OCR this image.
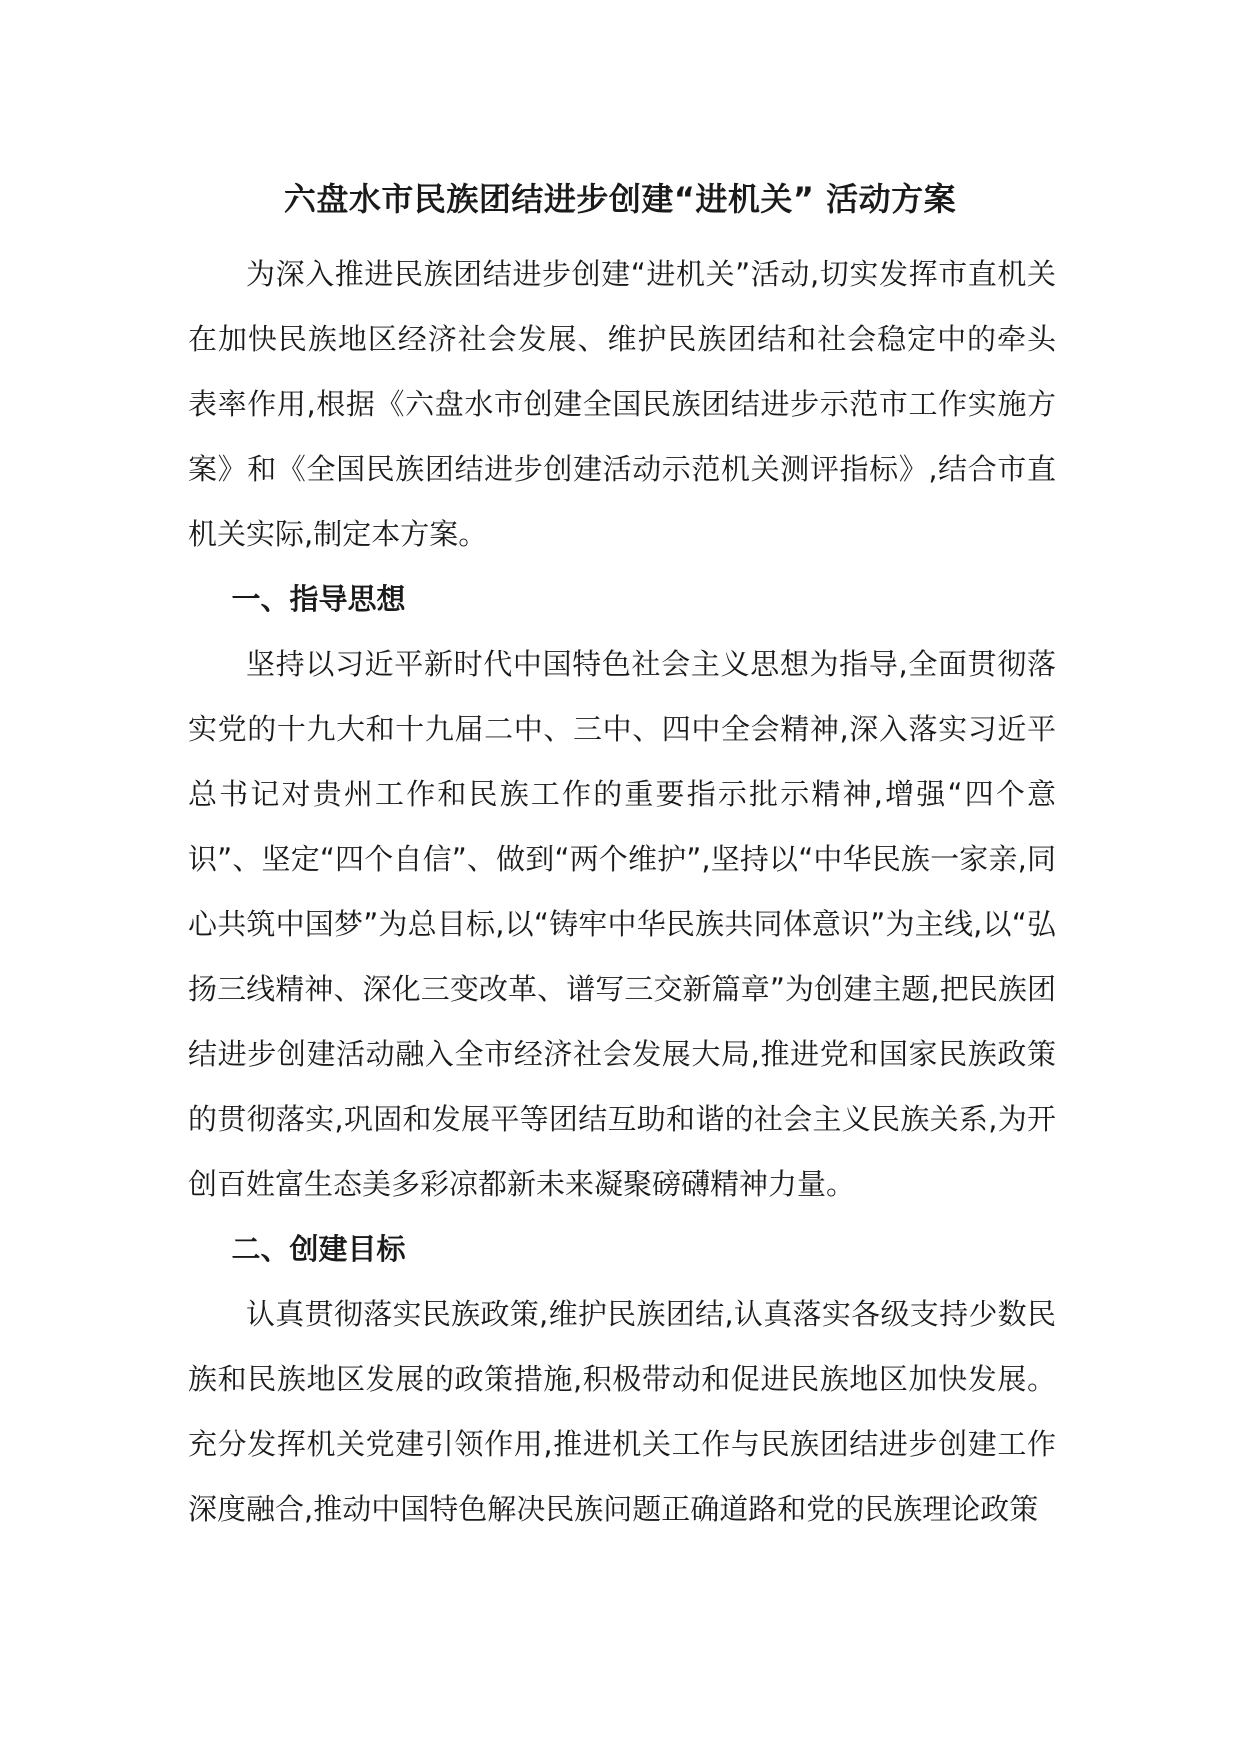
六盘水市民族团结进步创建“进机关” 活动方案

为深入推进民族团结进步创建“进机关”活动,切实发挥市直机关在加快民族地区经济社会发展、维护民族团结和社会稳定中的牵头表率作用,根据《六盘水市创建全国民族团结进步示范市工作实施方案》和《全国民族团结进步创建活动示范机关测评指标》,结合市直机关实际,制定本方案。

一、指导思想

坚持以习近平新时代中国特色社会主义思想为指导,全面贯彻落实党的十九大和十九届二中、三中、四中全会精神,深入落实习近平总书记对贵州工作和民族工作的重要指示批示精神,增强“四个意识”、坚定“四个自信”、做到“两个维护”,坚持以“中华民族一家亲,同心共筑中国梦”为总目标,以“铸牢中华民族共同体意识”为主线,以“弘扬三线精神、深化三变改革、谱写三交新篇章”为创建主题,把民族团结进步创建活动融入全市经济社会发展大局,推进党和国家民族政策的贯彻落实,巩固和发展平等团结互助和谐的社会主义民族关系,为开创百姓富生态美多彩凉都新未来凝聚磅礴精神力量。

二、创建目标

认真贯彻落实民族政策,维护民族团结,认真落实各级支持少数民族和民族地区发展的政策措施,积极带动和促进民族地区加快发展。充分发挥机关党建引领作用,推进机关工作与民族团结进步创建工作深度融合,推动中国特色解决民族问题正确道路和党的民族理论政策
